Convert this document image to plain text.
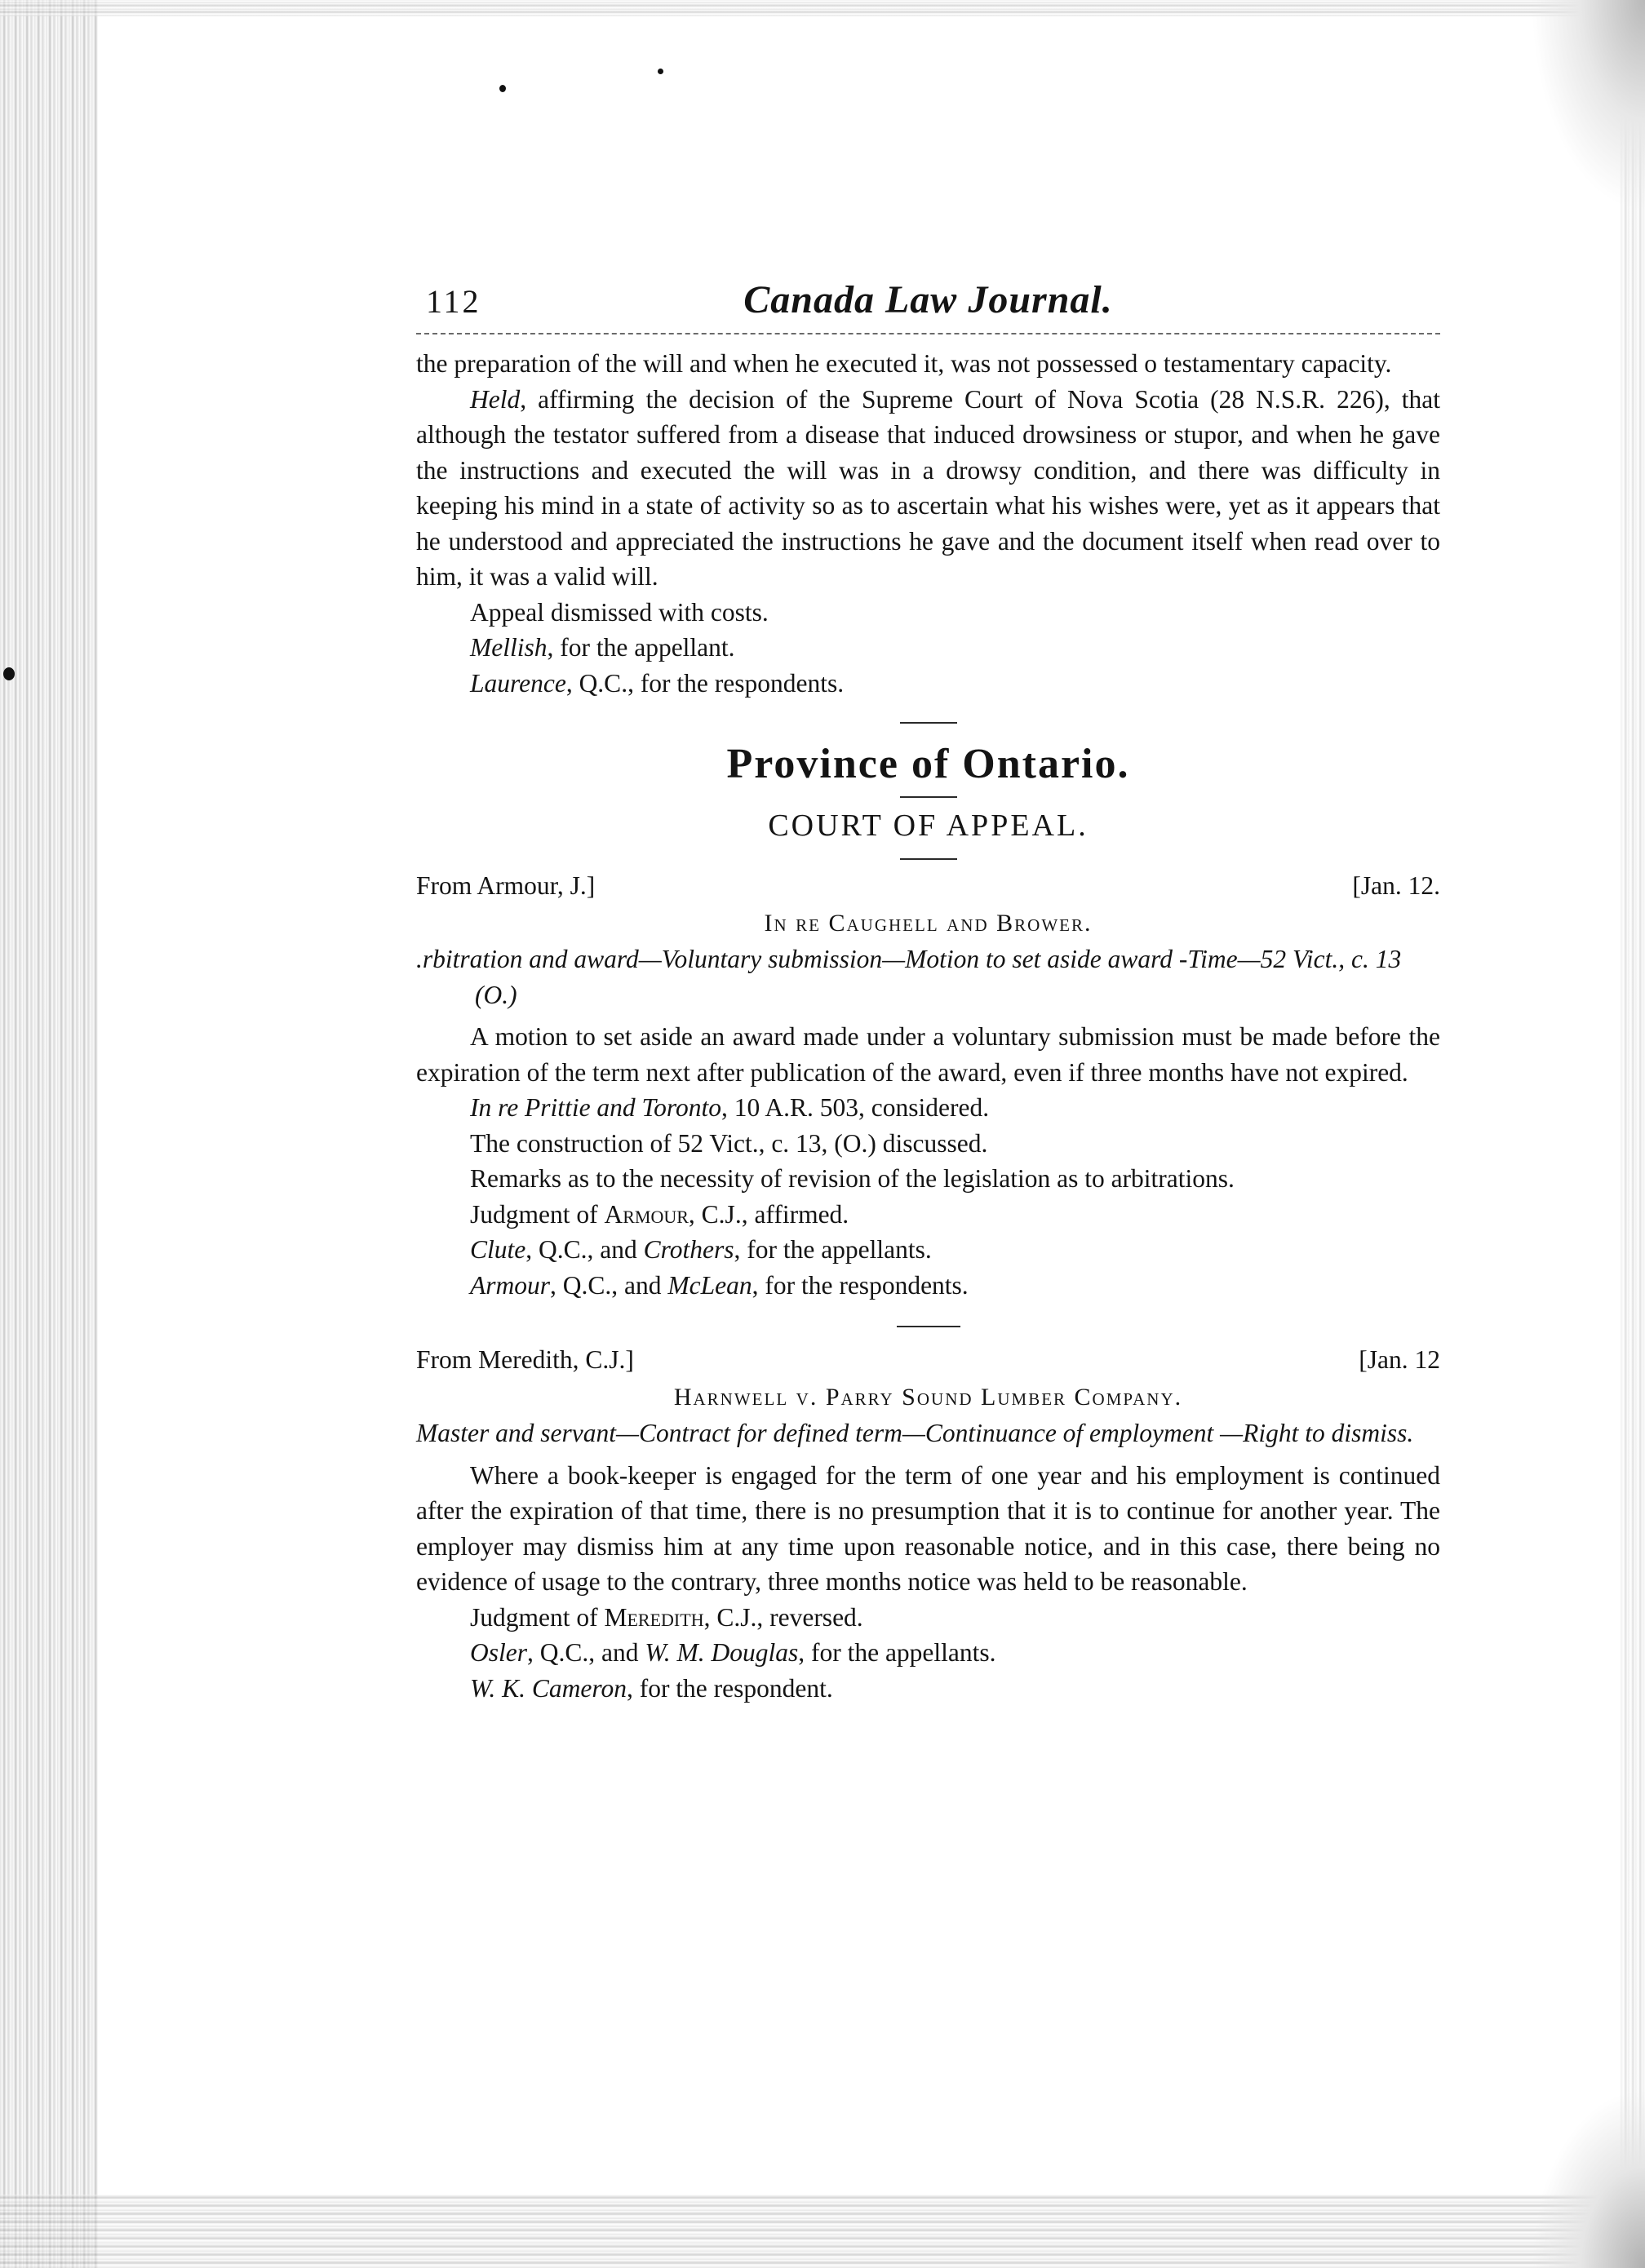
112	Canada Law Journal.

the preparation of the will and when he executed it, was not possessed o testamentary capacity.

Held, affirming the decision of the Supreme Court of Nova Scotia (28 N.S.R. 226), that although the testator suffered from a disease that induced drowsiness or stupor, and when he gave the instructions and executed the will was in a drowsy condition, and there was difficulty in keeping his mind in a state of activity so as to ascertain what his wishes were, yet as it appears that he understood and appreciated the instructions he gave and the document itself when read over to him, it was a valid will.

Appeal dismissed with costs.

Mellish, for the appellant.

Laurence, Q.C., for the respondents.

Province of Ontario.
COURT OF APPEAL.
From Armour, J.]	[Jan. 12.
In re Caughell and Brower.

.rbitration and award—Voluntary submission—Motion to set aside award -Time—52 Vict., c. 13 (O.)

A motion to set aside an award made under a voluntary submission must be made before the expiration of the term next after publication of the award, even if three months have not expired.

In re Prittie and Toronto, 10 A.R. 503, considered.

The construction of 52 Vict., c. 13, (O.) discussed.

Remarks as to the necessity of revision of the legislation as to arbitrations.

Judgment of Armour, C.J., affirmed.

Clute, Q.C., and Crothers, for the appellants.

Armour, Q.C., and McLean, for the respondents.

From Meredith, C.J.]	[Jan. 12
Harnwell v. Parry Sound Lumber Company.

Master and servant—Contract for defined term—Continuance of employment —Right to dismiss.

Where a book-keeper is engaged for the term of one year and his employment is continued after the expiration of that time, there is no presumption that it is to continue for another year. The employer may dismiss him at any time upon reasonable notice, and in this case, there being no evidence of usage to the contrary, three months notice was held to be reasonable.

Judgment of Meredith, C.J., reversed.

Osler, Q.C., and W. M. Douglas, for the appellants.

W. K. Cameron, for the respondent.
